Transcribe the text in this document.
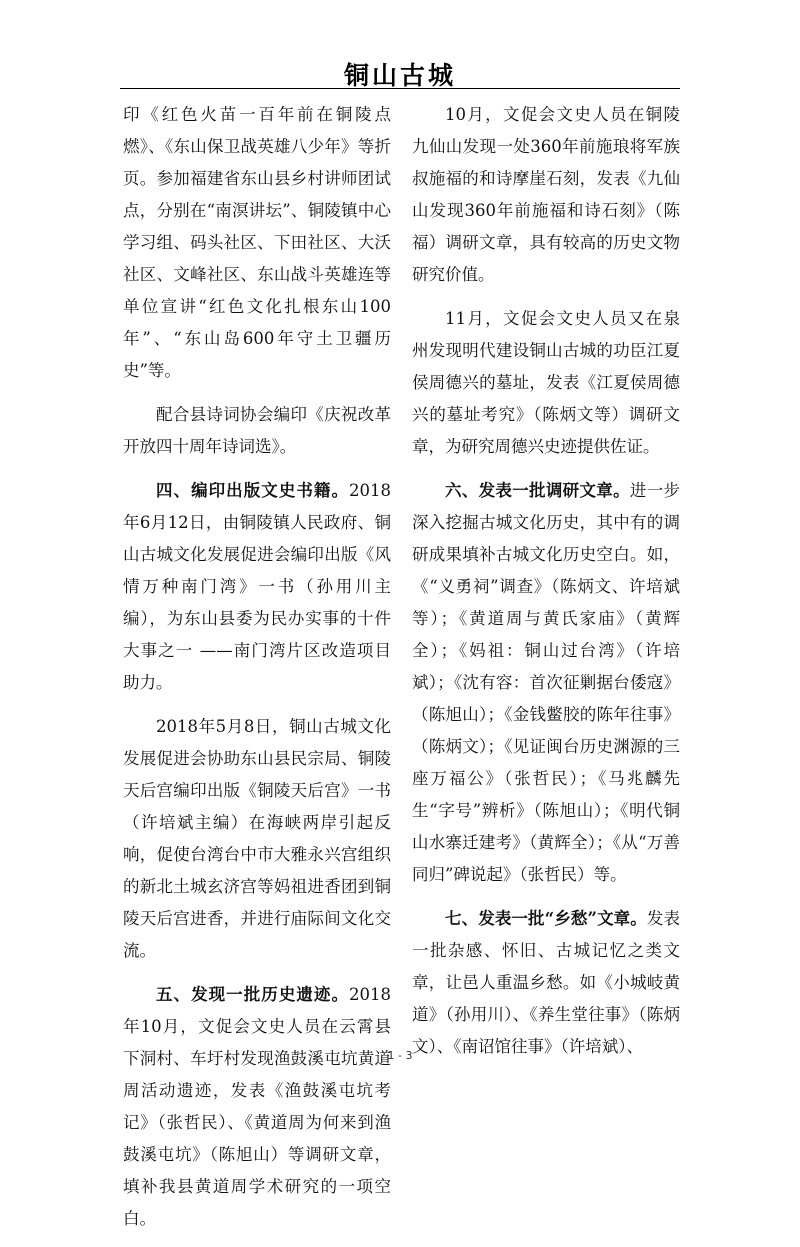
铜山古城

印《红色火苗一百年前在铜陵点燃》、《东山保卫战英雄八少年》等折页。参加福建省东山县乡村讲师团试点，分别在“南溟讲坛”、铜陵镇中心学习组、码头社区、下田社区、大沃社区、文峰社区、东山战斗英雄连等单位宣讲“红色文化扎根东山100年”、“东山岛600年守土卫疆历史”等。

配合县诗词协会编印《庆祝改革开放四十周年诗词选》。

四、编印出版文史书籍。2018年6月12日，由铜陵镇人民政府、铜山古城文化发展促进会编印出版《风情万种南门湾》一书（孙用川主编），为东山县委为民办实事的十件大事之一 ——南门湾片区改造项目助力。

2018年5月8日，铜山古城文化发展促进会协助东山县民宗局、铜陵天后宫编印出版《铜陵天后宫》一书（许培斌主编）在海峡两岸引起反响，促使台湾台中市大雅永兴宫组织的新北土城玄济宫等妈祖进香团到铜陵天后宫进香，并进行庙际间文化交流。

五、发现一批历史遗迹。2018年10月，文促会文史人员在云霄县下洞村、车圩村发现渔鼓溪屯坑黄道周活动遗迹，发表《渔鼓溪屯坑考记》（张哲民）、《黄道周为何来到渔鼓溪屯坑》（陈旭山）等调研文章，填补我县黄道周学术研究的一项空白。

10月，文促会文史人员在铜陵九仙山发现一处360年前施琅将军族叔施福的和诗摩崖石刻，发表《九仙山发现360年前施福和诗石刻》（陈福）调研文章，具有较高的历史文物研究价值。

11月，文促会文史人员又在泉州发现明代建设铜山古城的功臣江夏侯周德兴的墓址，发表《江夏侯周德兴的墓址考究》（陈炳文等）调研文章，为研究周德兴史迹提供佐证。

六、发表一批调研文章。进一步深入挖掘古城文化历史，其中有的调研成果填补古城文化历史空白。如，《“义勇祠”调查》（陈炳文、许培斌等）；《黄道周与黄氏家庙》（黄辉全）；《妈祖：铜山过台湾》（许培斌）；《沈有容：首次征剿据台倭寇》（陈旭山）；《金钱鳖胶的陈年往事》（陈炳文）；《见证闽台历史渊源的三座万福公》（张哲民）；《马兆麟先生“字号”辨析》（陈旭山）；《明代铜山水寨迁建考》（黄辉全）；《从“万善同归”碑说起》（张哲民）等。

七、发表一批“乡愁”文章。发表一批杂感、怀旧、古城记忆之类文章，让邑人重温乡愁。如《小城岐黄道》（孙用川）、《养生堂往事》（陈炳文）、《南诏馆往事》（许培斌）、

1 - 3
